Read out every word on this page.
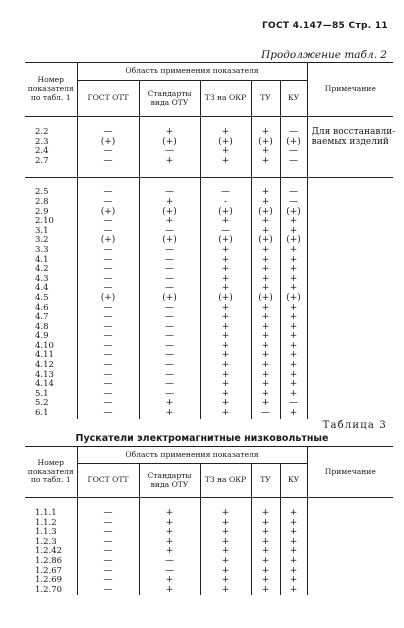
ГОСТ 4.147—85 Стр. 11
Продолжение табл. 2
Номер показателя по табл. 1	Область применения показателя					Примечание
	ГОСТ ОТТ	Стандарты вида ОТУ	ТЗ на ОКР	ТУ	КУ	

2.2	—	+	+	+	—	Для восстанавли-
2.3	(+)	(+)	(+)	(+)	(+)	ваемых изделий
2.4	—	—	+	+	—	
2.7	—	+	+	+	—	

2.5	—	—	—	+	—	
2.8	—	+	-	+	—	
2.9	(+)	(+)	(+)	(+)	(+)	
2.10	—	+	+	+	+	
3.1	—	—	—	+	+	
3.2	(+)	(+)	(+)	(+)	(+)	
3.3	—	—	+	+	+	
4.1	—	—	+	+	+	
4.2	—	—	+	+	+	
4.3	—	—	+	+	+	
4.4	—	—	+	+	+	
4.5	(+)	(+)	(+)	(+)	(+)	
4.6	—	—	+	+	+	
4.7	—	—	+	+	+	
4.8	—	—	+	+	+	
4.9	—	—	+	+	+	
4.10	—	—	+	+	+	
4.11	—	—	+	+	+	
4.12	—	—	+	+	+	
4.13	—	—	+	+	+	
4.14	—	—	+	+	+	
5.1	—	—	+	+	+	
5.2	—	+	+	+	—	
6.1	—	+	+	—	+	
Таблица 3
Пускатели электромагнитные низковольтные
Номер показателя по табл. 1	Область применения показателя					Примечание
	ГОСТ ОТТ	Стандарты вида ОТУ	ТЗ на ОКР	ТУ	КУ	

1.1.1	—	+	+	+	+	
1.1.2	—	+	+	+	+	
1.1.3	—	+	+	+	+	
1.2.3	—	+	+	+	+	
1.2.42	—	+	+	+	+	
1.2.86	—	—	+	+	+	
1.2.67	—	—	+	+	+	
1.2.69	—	+	+	+	+	
1.2.70	—	+	+	+	+	
